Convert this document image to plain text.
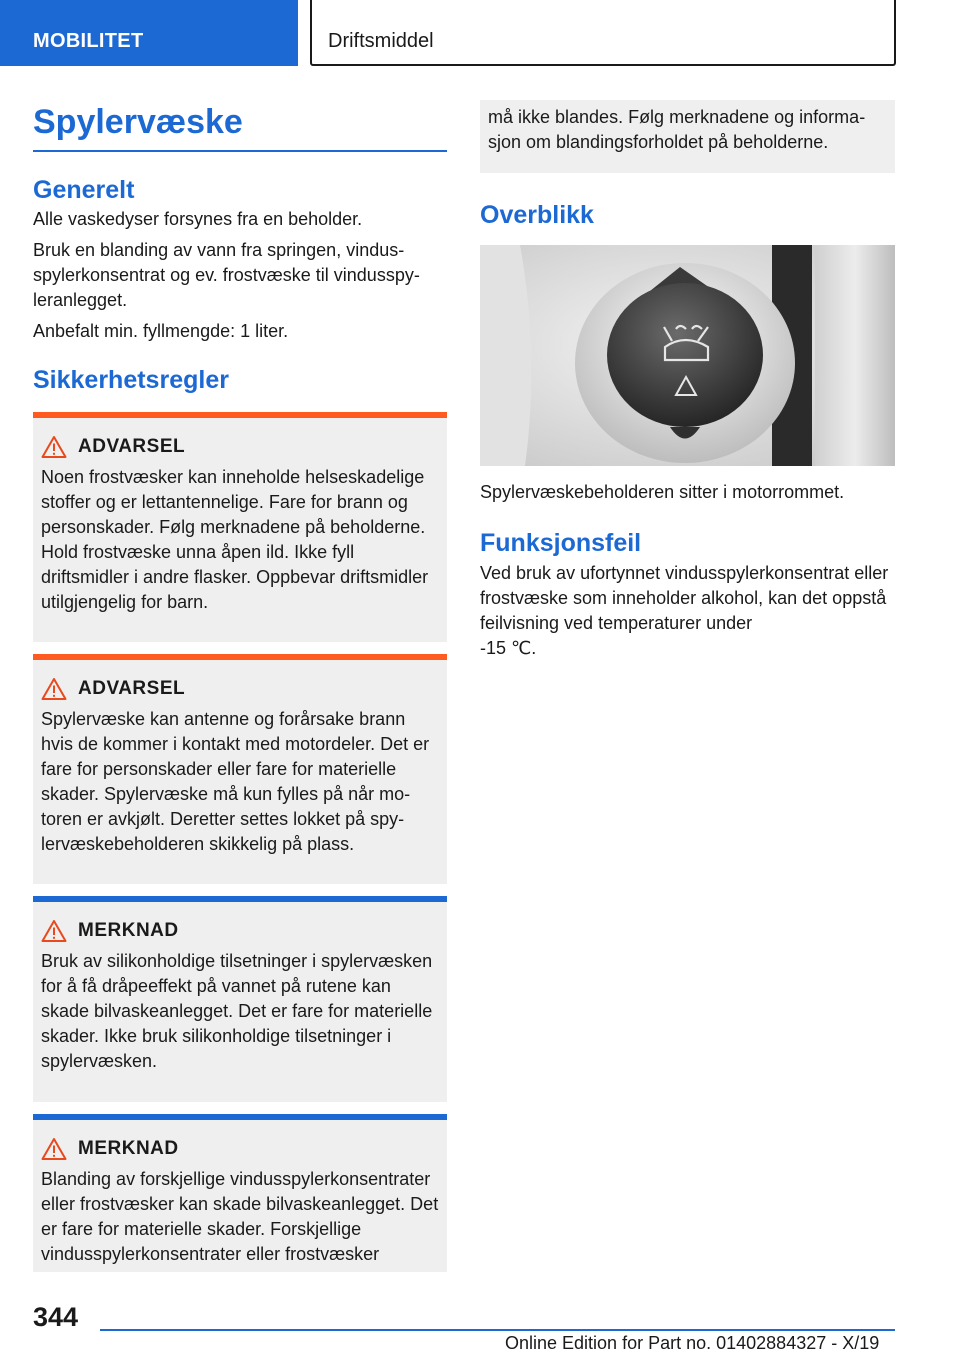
MOBILITET	Driftsmiddel
Spylervæske
Generelt

Alle vaskedyser forsynes fra en beholder.

Bruk en blanding av vann fra springen, vindusspylerkonsentrat og ev. frostvæske til vindusspyleranlegget.

Anbefalt min. fyllmengde: 1 liter.

Sikkerhetsregler
ADVARSEL

Noen frostvæsker kan inneholde helseskadelige stoffer og er lettantennelige. Fare for brann og personskader. Følg merknadene på beholderne. Hold frostvæske unna åpen ild. Ikke fyll driftsmidler i andre flasker. Oppbevar driftsmidler utilgjengelig for barn.

ADVARSEL

Spylervæske kan antenne og forårsake brann hvis de kommer i kontakt med motordeler. Det er fare for personskader eller fare for materielle skader. Spylervæske må kun fylles på når motoren er avkjølt. Deretter settes lokket på spylervæskebeholderen skikkelig på plass.

MERKNAD

Bruk av silikonholdige tilsetninger i spylervæsken for å få dråpeeffekt på vannet på rutene kan skade bilvaskeanlegget. Det er fare for materielle skader. Ikke bruk silikonholdige tilsetninger i spylervæsken.

MERKNAD

Blanding av forskjellige vindusspylerkonsentrater eller frostvæsker kan skade bilvaskeanlegget. Det er fare for materielle skader. Forskjellige vindusspylerkonsentrater eller frostvæsker

må ikke blandes. Følg merknadene og informasjon om blandingsforholdet på beholderne.

Overblikk

Spylervæskebeholderen sitter i motorrommet.

Funksjonsfeil

Ved bruk av ufortynnet vindusspylerkonsentrat eller frostvæske som inneholder alkohol, kan det oppstå feilvisning ved temperaturer under

-15 ℃.

344
Online Edition for Part no. 01402884327 - X/19
